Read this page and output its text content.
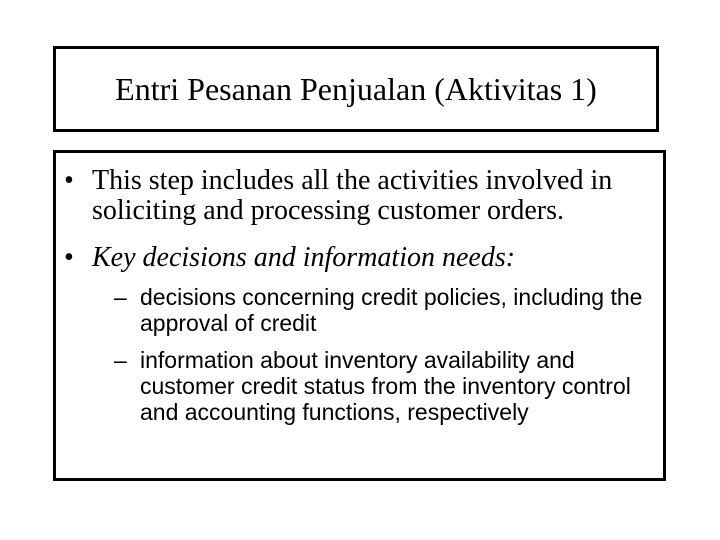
Entri Pesanan Penjualan (Aktivitas 1)
• This step includes all the activities involved in soliciting and processing customer orders.
• Key decisions and information needs:
– decisions concerning credit policies, including the approval of credit
– information about inventory availability and customer credit status from the inventory control and accounting functions, respectively
